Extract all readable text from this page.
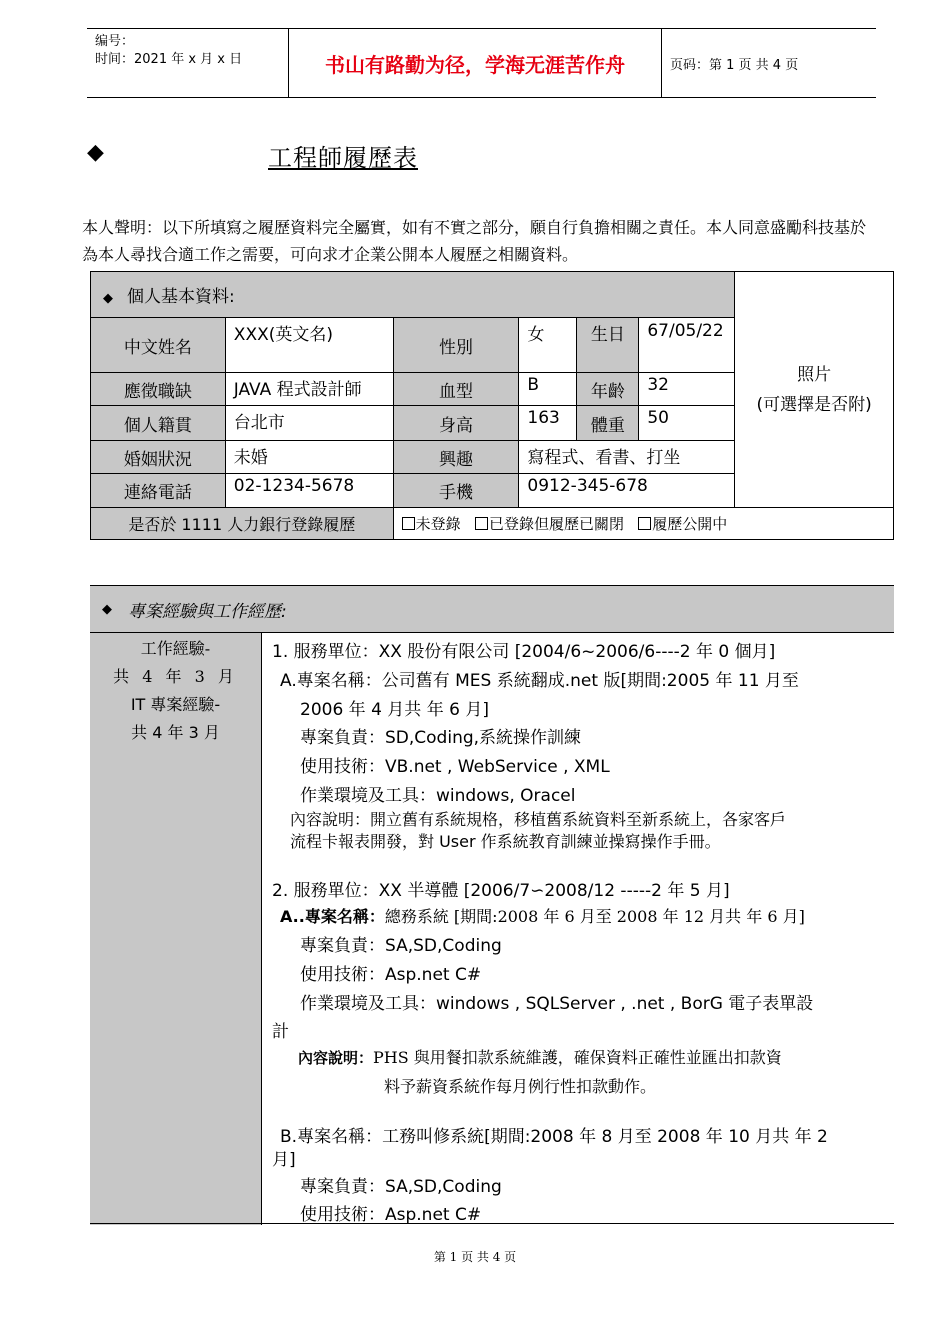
编号：
时间：2021 年 x 月 x 日	书山有路勤为径，学海无涯苦作舟	页码：第 1 页 共 4 页
◆	工程師履歷表
本人聲明：以下所填寫之履歷資料完全屬實，如有不實之部分，願自行負擔相關之責任。本人同意盛勵科技基於為本人尋找合適工作之需要，可向求才企業公開本人履歷之相關資料。
◆ 個人基本資料:						照片
(可選擇是否附)

中文姓名	XXX(英文名)	性別	女	生日	67/05/22	
應徵職缺	JAVA 程式設計師	血型	B	年齡	32	
個人籍貫	台北市	身高	163	體重	50	
婚姻狀況	未婚	興趣	寫程式、看書、打坐			
連絡電話	02-1234-5678	手機	0912-345-678			
是否於 1111 人力銀行登錄履歷		未登錄 已登錄但履歷已關閉 履歷公開中				
◆ 專案經驗與工作經歷:
工作經驗-
共 4 年 3 月
IT 專案經驗-
共 4 年 3 月
1. 服務單位：XX 股份有限公司 [2004/6~2006/6----2 年 0 個月]
A.專案名稱：公司舊有 MES 系統翻成.net 版[期間:2005 年 11 月至
2006 年 4 月共 年 6 月]
專案負責：SD,Coding,系統操作訓練
使用技術：VB.net , WebService , XML
作業環境及工具：windows, Oracel
內容說明：開立舊有系統規格，移植舊系統資料至新系統上，各家客戶
流程卡報表開發，對 User 作系統教育訓練並操寫操作手冊。
2. 服務單位：XX 半導體 [2006/7∽2008/12 -----2 年 5 月]
A..專案名稱：總務系統 [期間:2008 年 6 月至 2008 年 12 月共 年 6 月]
專案負責：SA,SD,Coding
使用技術：Asp.net C#
作業環境及工具：windows , SQLServer , .net , BorG 電子表單設
計
內容說明：PHS 與用餐扣款系統維護，確保資料正確性並匯出扣款資
料予薪資系統作每月例行性扣款動作。
B.專案名稱：工務叫修系統[期間:2008 年 8 月至 2008 年 10 月共 年 2
月]
專案負責：SA,SD,Coding
使用技術：Asp.net C#
第 1 页 共 4 页
